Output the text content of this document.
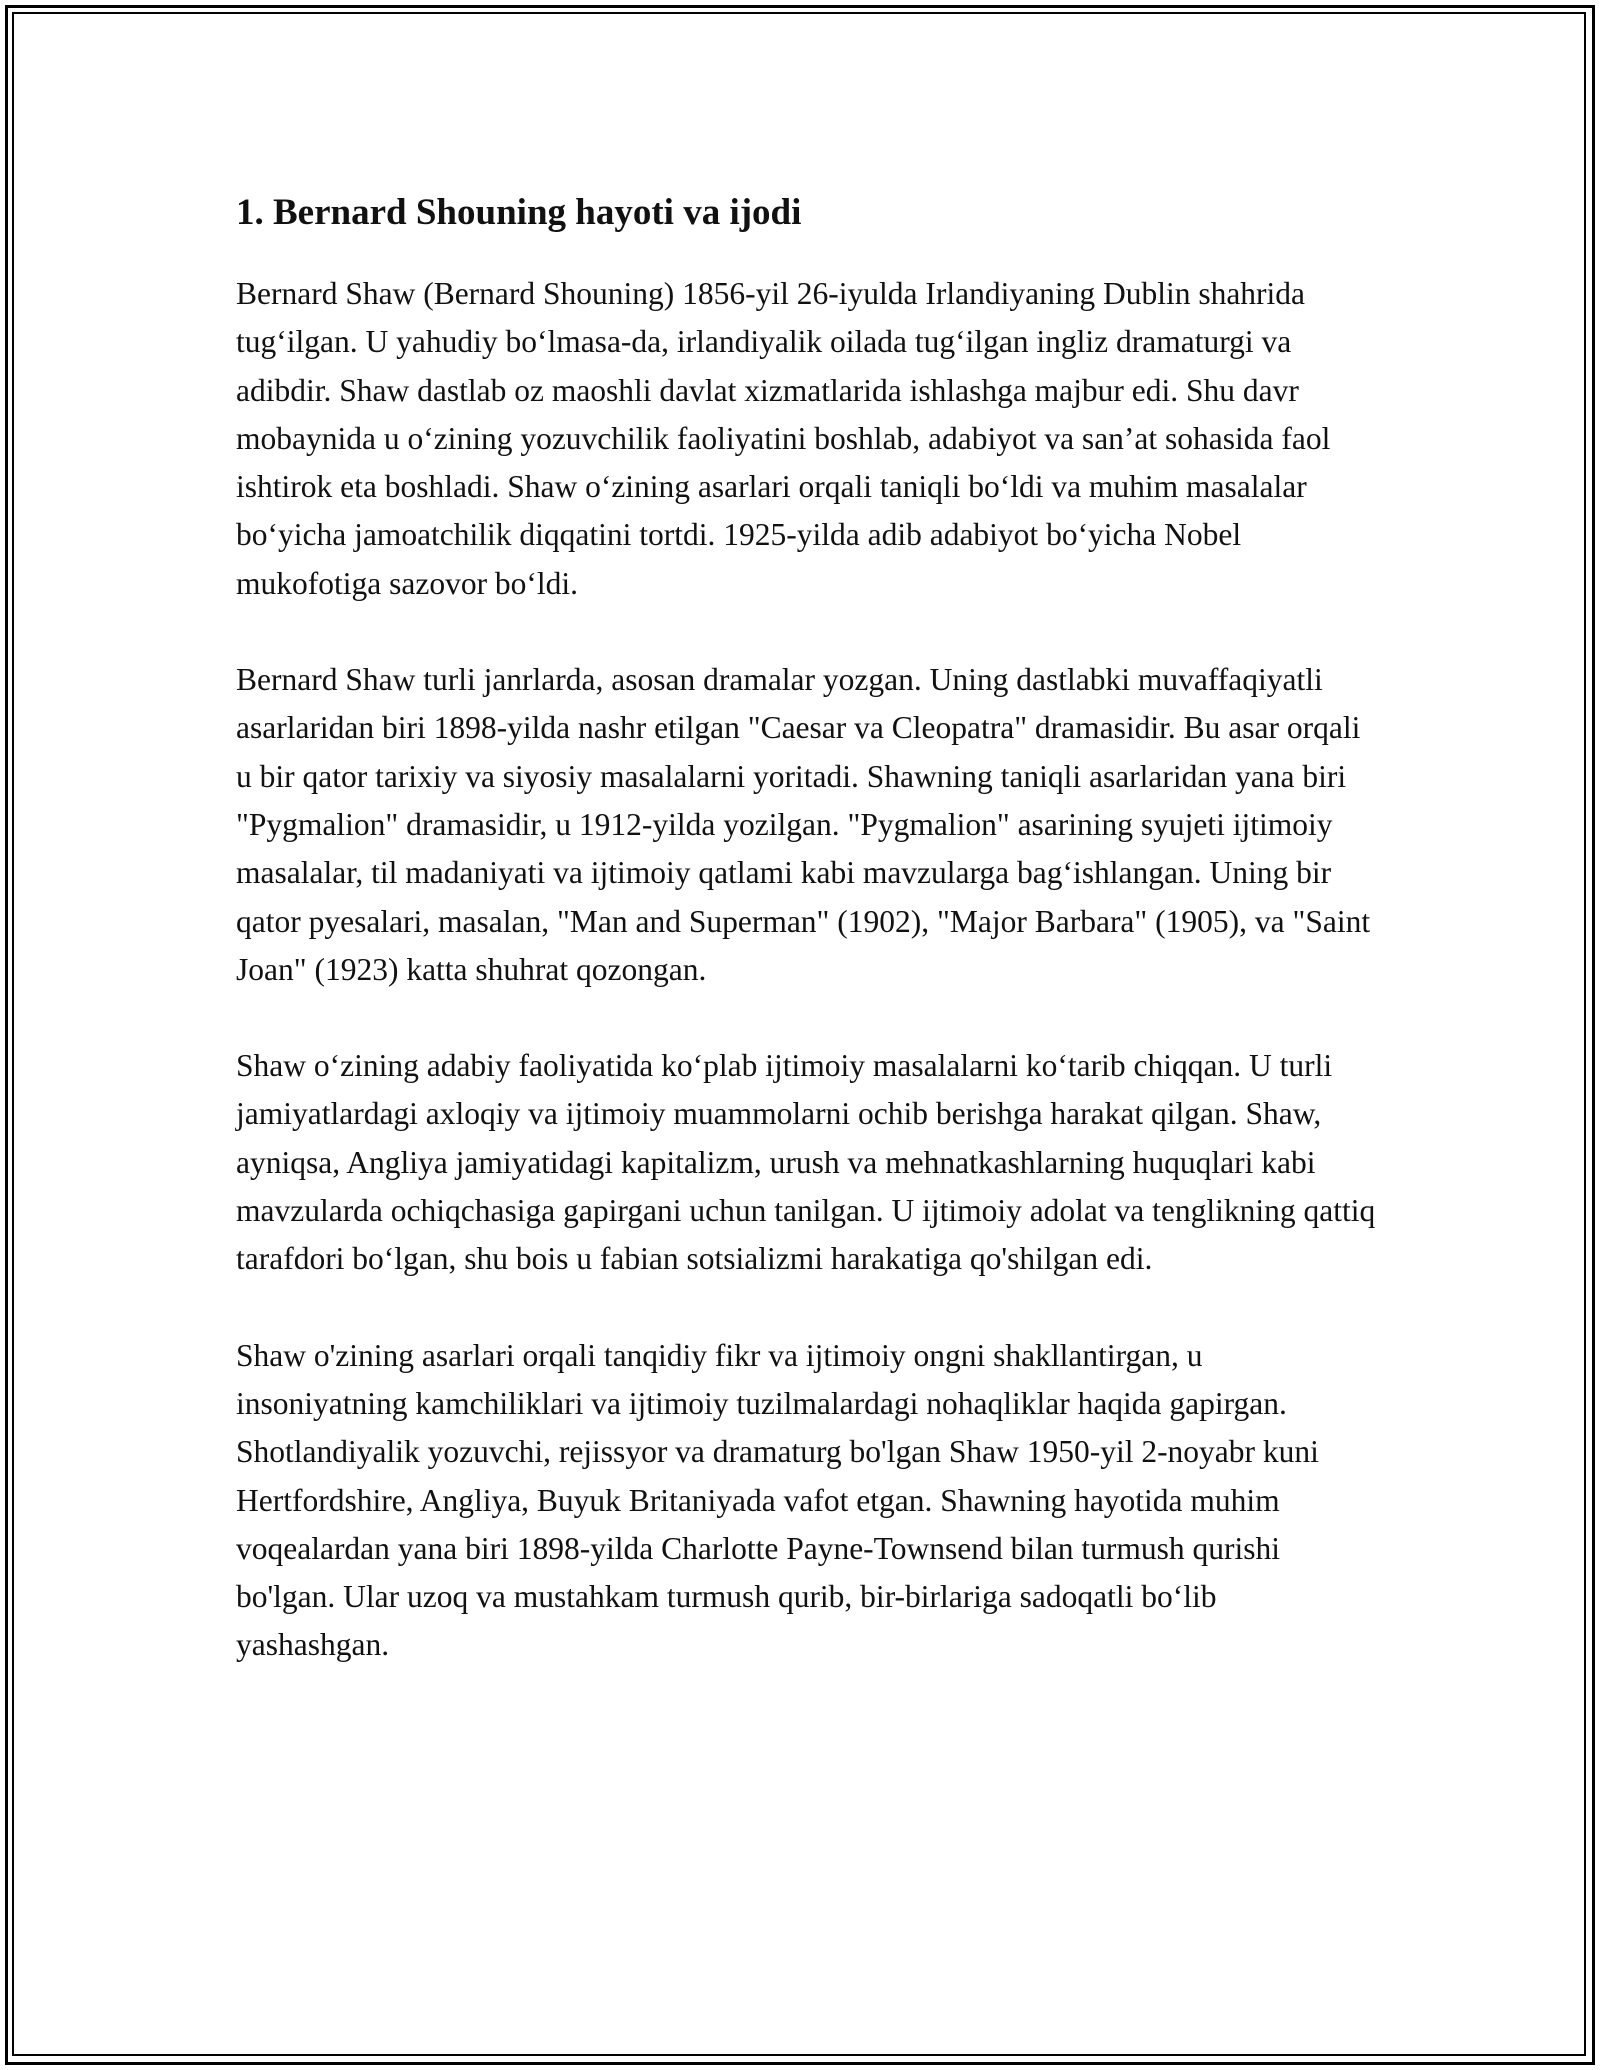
1. Bernard Shouning hayoti va ijodi

Bernard Shaw (Bernard Shouning) 1856-yil 26-iyulda Irlandiyaning Dublin shahrida tug‘ilgan. U yahudiy bo‘lmasa-da, irlandiyalik oilada tug‘ilgan ingliz dramaturgi va adibdir. Shaw dastlab oz maoshli davlat xizmatlarida ishlashga majbur edi. Shu davr mobaynida u o‘zining yozuvchilik faoliyatini boshlab, adabiyot va san’at sohasida faol ishtirok eta boshladi. Shaw o‘zining asarlari orqali taniqli bo‘ldi va muhim masalalar bo‘yicha jamoatchilik diqqatini tortdi. 1925-yilda adib adabiyot bo‘yicha Nobel mukofotiga sazovor bo‘ldi.

Bernard Shaw turli janrlarda, asosan dramalar yozgan. Uning dastlabki muvaffaqiyatli asarlaridan biri 1898-yilda nashr etilgan "Caesar va Cleopatra" dramasidir. Bu asar orqali u bir qator tarixiy va siyosiy masalalarni yoritadi. Shawning taniqli asarlaridan yana biri "Pygmalion" dramasidir, u 1912-yilda yozilgan. "Pygmalion" asarining syujeti ijtimoiy masalalar, til madaniyati va ijtimoiy qatlami kabi mavzularga bag‘ishlangan. Uning bir qator pyesalari, masalan, "Man and Superman" (1902), "Major Barbara" (1905), va "Saint Joan" (1923) katta shuhrat qozongan.

Shaw o‘zining adabiy faoliyatida ko‘plab ijtimoiy masalalarni ko‘tarib chiqqan. U turli jamiyatlardagi axloqiy va ijtimoiy muammolarni ochib berishga harakat qilgan. Shaw, ayniqsa, Angliya jamiyatidagi kapitalizm, urush va mehnatkashlarning huquqlari kabi mavzularda ochiqchasiga gapirgani uchun tanilgan. U ijtimoiy adolat va tenglikning qattiq tarafdori bo‘lgan, shu bois u fabian sotsializmi harakatiga qo'shilgan edi.

Shaw o'zining asarlari orqali tanqidiy fikr va ijtimoiy ongni shakllantirgan, u insoniyatning kamchiliklari va ijtimoiy tuzilmalardagi nohaqliklar haqida gapirgan. Shotlandiyalik yozuvchi, rejissyor va dramaturg bo'lgan Shaw 1950-yil 2-noyabr kuni Hertfordshire, Angliya, Buyuk Britaniyada vafot etgan. Shawning hayotida muhim voqealardan yana biri 1898-yilda Charlotte Payne-Townsend bilan turmush qurishi bo'lgan. Ular uzoq va mustahkam turmush qurib, bir-birlariga sadoqatli bo‘lib yashashgan.
